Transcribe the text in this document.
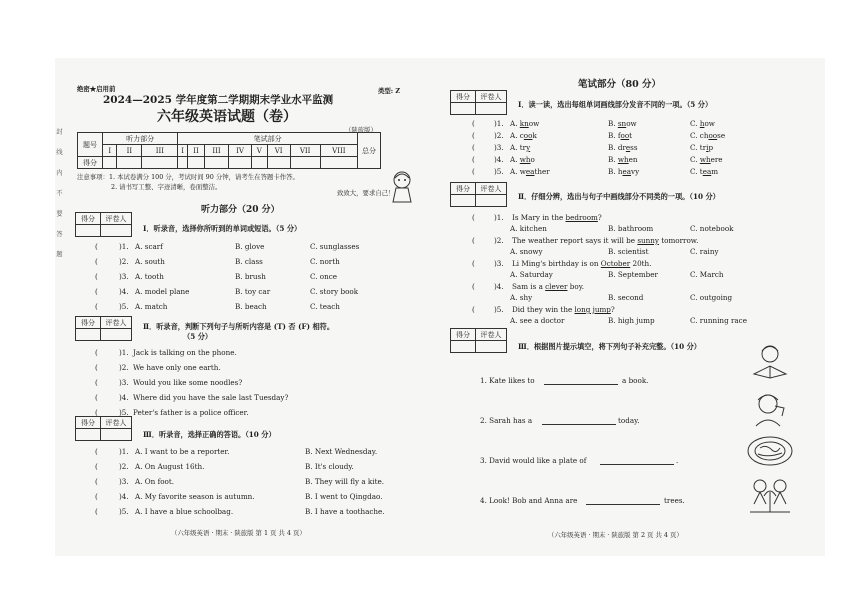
封 线 内 不 要 答 题
绝密★启用前
2024—2025 学年度第二学期期末学业水平监测
类型: Z
六年级英语试题（卷）
（陕旅版）
题号	听力部分			笔试部分								总分
	I	II	III	I	II	III	IV	V	VI	VII	VIII	
得分												
注意事项：1. 本试卷满分 100 分，考试时间 90 分钟，请考生在答题卡作答。
2. 请书写工整、字迹清晰，卷面整洁。
致致大，要求自己！
听力部分（20 分）
得分	评卷人

Ⅰ．听录音，选择你所听到的单词或短语。（5 分）
(	)1. A. scarf	B. glove	C. sunglasses
(	)2. A. south	B. class	C. north
(	)3. A. tooth	B. brush	C. once
(	)4. A. model plane	B. toy car	C. story book
(	)5. A. match	B. beach	C. teach
得分	评卷人
	Ⅱ．听录音，判断下列句子与所听内容是 (T) 否 (F) 相符。
（5 分）
(	)1. Jack is talking on the phone.
(	)2. We have only one earth.
(	)3. Would you like some noodles?
(	)4. Where did you have the sale last Tuesday?
(	)5. Peter's father is a police officer.
得分	评卷人

Ⅲ．听录音，选择正确的答语。（10 分）
(	)1. A. I want to be a reporter.	B. Next Wednesday.
(	)2. A. On August 16th.	B. It's cloudy.
(	)3. A. On foot.	B. They will fly a kite.
(	)4. A. My favorite season is autumn.	B. I went to Qingdao.
(	)5. A. I have a blue schoolbag.	B. I have a toothache.
（六年级英语 · 期末 · 陕旅版 第 1 页 共 4 页）
笔试部分（80 分）
得分	评卷人

Ⅰ．读一读，选出每组单词画线部分发音不同的一项。（5 分）
(	)1. A. know	B. snow	C. how
(	)2. A. cook	B. foot	C. choose
(	)3. A. try	B. dress	C. trip
(	)4. A. who	B. when	C. where
(	)5. A. weather	B. heavy	C. team
得分	评卷人

Ⅱ．仔细分辨，选出与句子中画线部分不同类的一项。（10 分）
(	)1. Is Mary in the bedroom?
A. kitchen	B. bathroom	C. notebook
(	)2. The weather report says it will be sunny tomorrow.
A. snowy	B. scientist	C. rainy
(	)3. Li Ming's birthday is on October 20th.
A. Saturday	B. September	C. March
(	)4. Sam is a clever boy.
A. shy	B. second	C. outgoing
(	)5. Did they win the long jump?
A. see a doctor	B. high jump	C. running race
得分	评卷人

Ⅲ．根据图片提示填空，将下列句子补充完整。（10 分）
1. Kate likes to	a book.
2. Sarah has a	today.
3. David would like a plate of	.
4. Look! Bob and Anna are	trees.
（六年级英语 · 期末 · 陕旅版 第 2 页 共 4 页）
